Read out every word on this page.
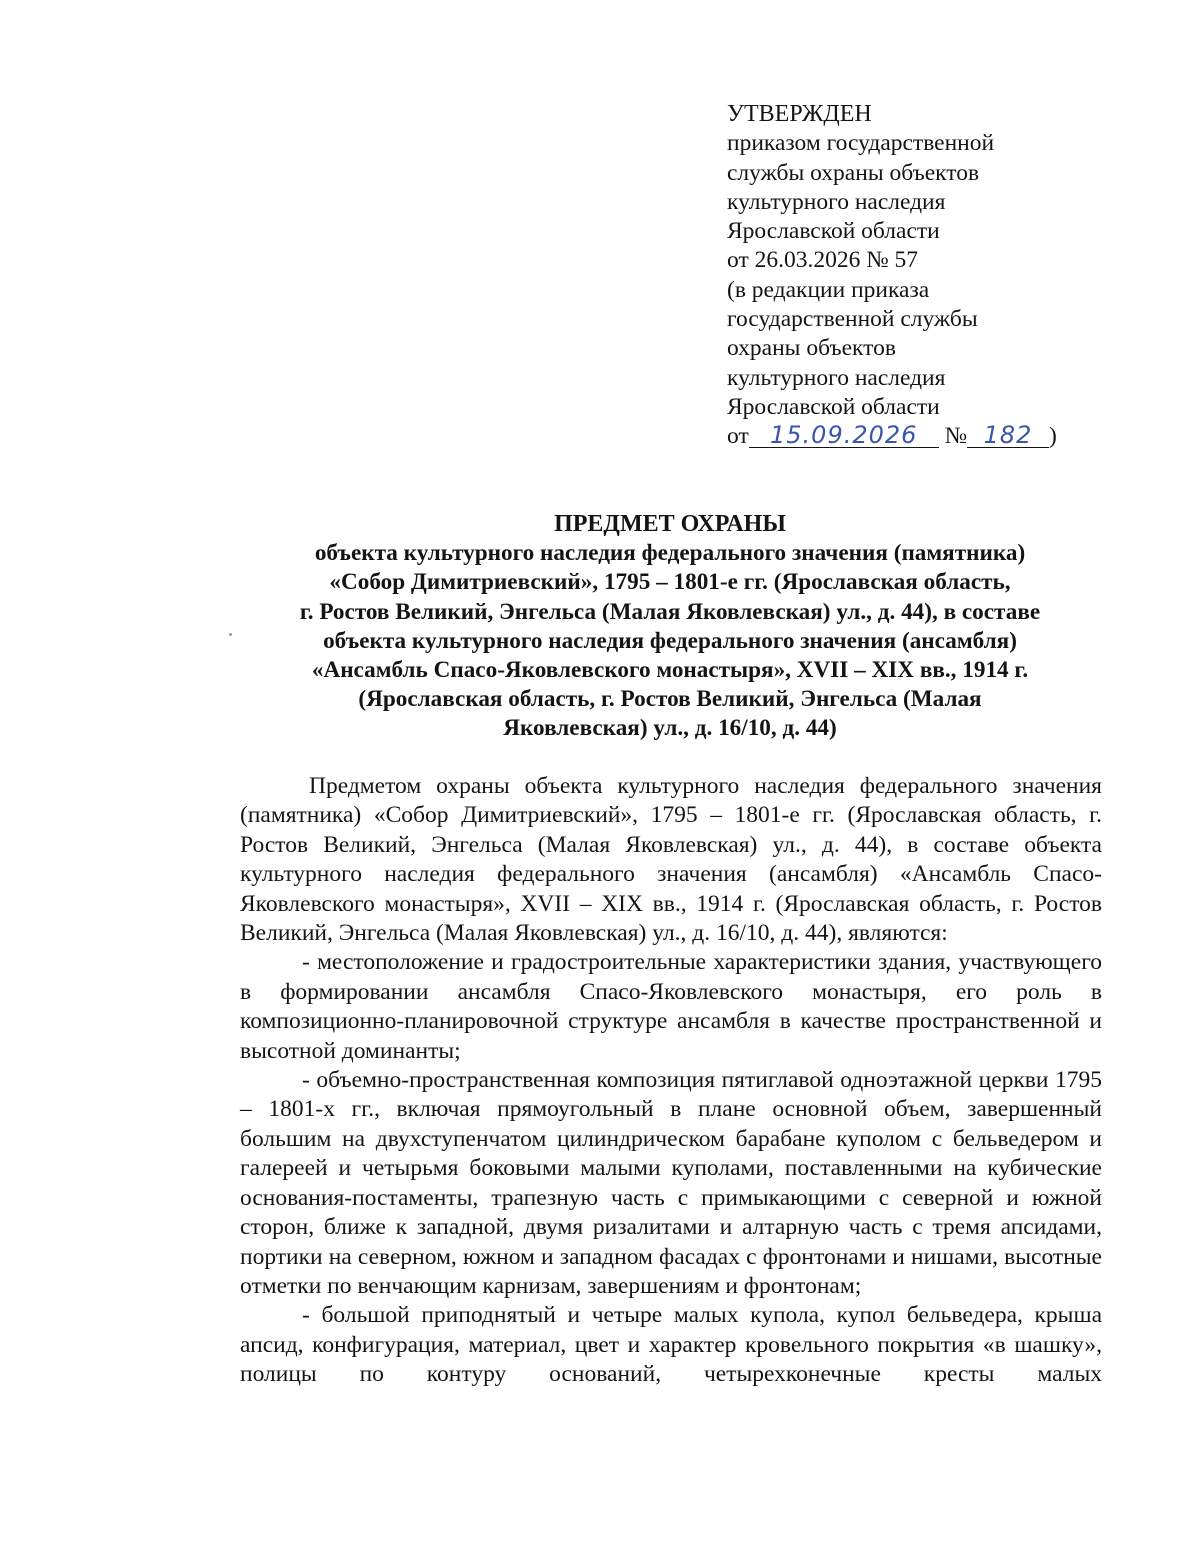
УТВЕРЖДЕН
приказом государственной
службы охраны объектов
культурного наследия
Ярославской области
от 26.03.2026 № 57
(в редакции приказа
государственной службы
охраны объектов
культурного наследия
Ярославской области
от 15.09.2026 № 182 )
ПРЕДМЕТ ОХРАНЫ
объекта культурного наследия федерального значения (памятника)
«Собор Димитриевский», 1795 – 1801-е гг. (Ярославская область,
г. Ростов Великий, Энгельса (Малая Яковлевская) ул., д. 44), в составе
объекта культурного наследия федерального значения (ансамбля)
«Ансамбль Спасо-Яковлевского монастыря», XVII – XIX вв., 1914 г.
(Ярославская область, г. Ростов Великий, Энгельса (Малая
Яковлевская) ул., д. 16/10, д. 44)

Предметом охраны объекта культурного наследия федерального значения (памятника) «Собор Димитриевский», 1795 – 1801-е гг. (Ярославская область, г. Ростов Великий, Энгельса (Малая Яковлевская) ул., д. 44), в составе объекта культурного наследия федерального значения (ансамбля) «Ансамбль Спасо-Яковлевского монастыря», XVII – XIX вв., 1914 г. (Ярославская область, г. Ростов Великий, Энгельса (Малая Яковлевская) ул., д. 16/10, д. 44), являются:

- местоположение и градостроительные характеристики здания, участвующего в формировании ансамбля Спасо-Яковлевского монастыря, его роль в композиционно-планировочной структуре ансамбля в качестве пространственной и высотной доминанты;

- объемно-пространственная композиция пятиглавой одноэтажной церкви 1795 – 1801-х гг., включая прямоугольный в плане основной объем, завершенный большим на двухступенчатом цилиндрическом барабане куполом с бельведером и галереей и четырьмя боковыми малыми куполами, поставленными на кубические основания-постаменты, трапезную часть с примыкающими с северной и южной сторон, ближе к западной, двумя ризалитами и алтарную часть с тремя апсидами, портики на северном, южном и западном фасадах с фронтонами и нишами, высотные отметки по венчающим карнизам, завершениям и фронтонам;

- большой приподнятый и четыре малых купола, купол бельведера, крыша апсид, конфигурация, материал, цвет и характер кровельного покрытия «в шашку», полицы по контуру оснований, четырехконечные кресты малых
